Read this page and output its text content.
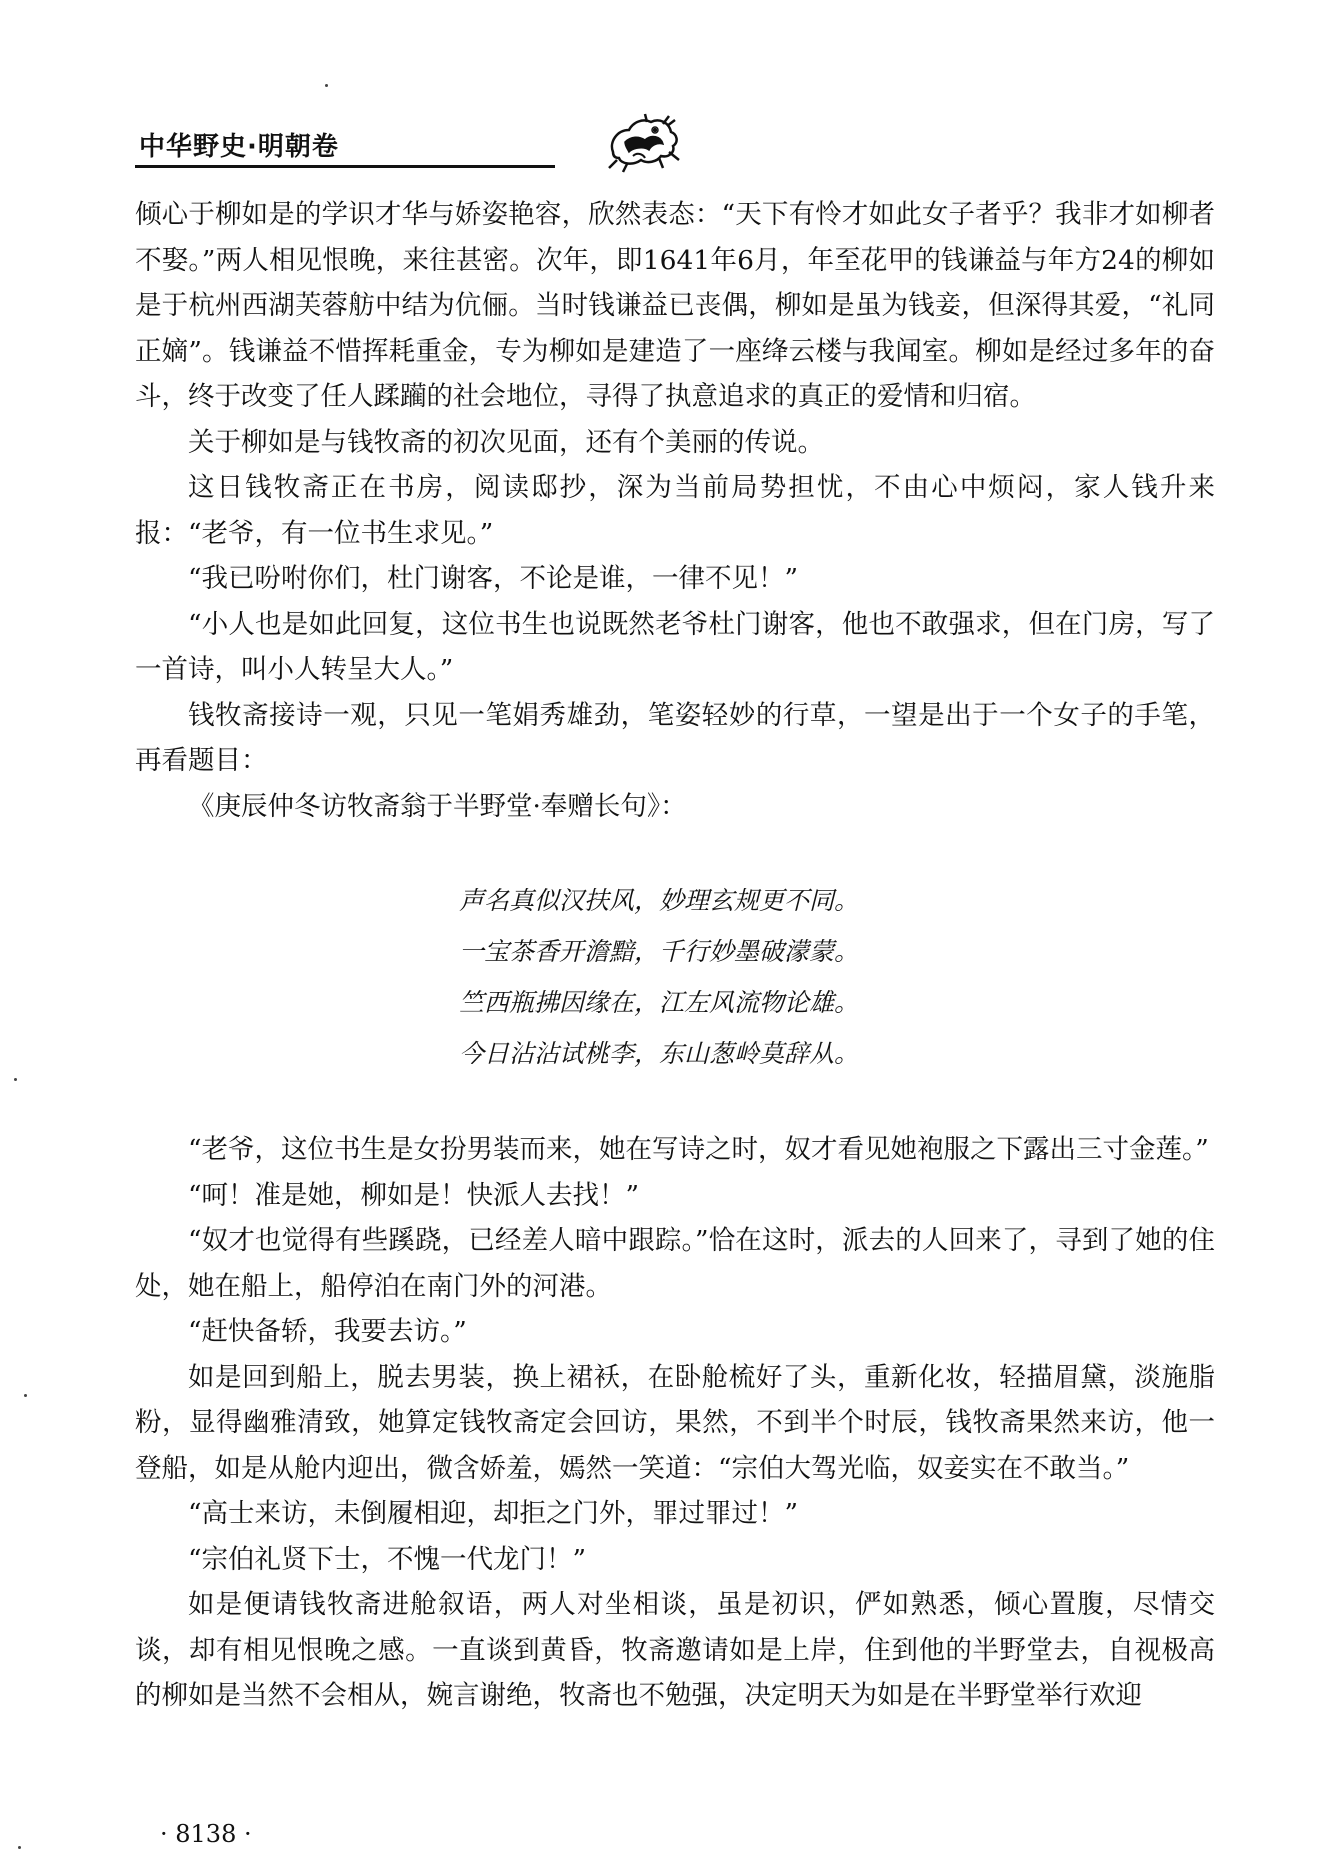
中华野史·明朝卷

倾心于柳如是的学识才华与娇姿艳容，欣然表态：“天下有怜才如此女子者乎？我非才如柳者不娶。”两人相见恨晚，来往甚密。次年，即1641年6月，年至花甲的钱谦益与年方24的柳如是于杭州西湖芙蓉舫中结为伉俪。当时钱谦益已丧偶，柳如是虽为钱妾，但深得其爱，“礼同正嫡”。钱谦益不惜挥耗重金，专为柳如是建造了一座绛云楼与我闻室。柳如是经过多年的奋斗，终于改变了任人蹂躏的社会地位，寻得了执意追求的真正的爱情和归宿。

关于柳如是与钱牧斋的初次见面，还有个美丽的传说。

这日钱牧斋正在书房，阅读邸抄，深为当前局势担忧，不由心中烦闷，家人钱升来报：“老爷，有一位书生求见。”

“我已吩咐你们，杜门谢客，不论是谁，一律不见！”

“小人也是如此回复，这位书生也说既然老爷杜门谢客，他也不敢强求，但在门房，写了一首诗，叫小人转呈大人。”

钱牧斋接诗一观，只见一笔娟秀雄劲，笔姿轻妙的行草，一望是出于一个女子的手笔，再看题目：

《庚辰仲冬访牧斋翁于半野堂·奉赠长句》：

声名真似汉扶风，妙理玄规更不同。
一宝茶香开澹黯，千行妙墨破濛蒙。
竺西瓶拂因缘在，江左风流物论雄。
今日沾沾试桃李，东山葱岭莫辞从。

“老爷，这位书生是女扮男装而来，她在写诗之时，奴才看见她袍服之下露出三寸金莲。”

“呵！准是她，柳如是！快派人去找！”

“奴才也觉得有些蹊跷，已经差人暗中跟踪。”恰在这时，派去的人回来了，寻到了她的住处，她在船上，船停泊在南门外的河港。

“赶快备轿，我要去访。”

如是回到船上，脱去男装，换上裙袄，在卧舱梳好了头，重新化妆，轻描眉黛，淡施脂粉，显得幽雅清致，她算定钱牧斋定会回访，果然，不到半个时辰，钱牧斋果然来访，他一登船，如是从舱内迎出，微含娇羞，嫣然一笑道：“宗伯大驾光临，奴妾实在不敢当。”

“高士来访，未倒履相迎，却拒之门外，罪过罪过！”

“宗伯礼贤下士，不愧一代龙门！”

如是便请钱牧斋进舱叙语，两人对坐相谈，虽是初识，俨如熟悉，倾心置腹，尽情交谈，却有相见恨晚之感。一直谈到黄昏，牧斋邀请如是上岸，住到他的半野堂去，自视极高的柳如是当然不会相从，婉言谢绝，牧斋也不勉强，决定明天为如是在半野堂举行欢迎

· 8138 ·
